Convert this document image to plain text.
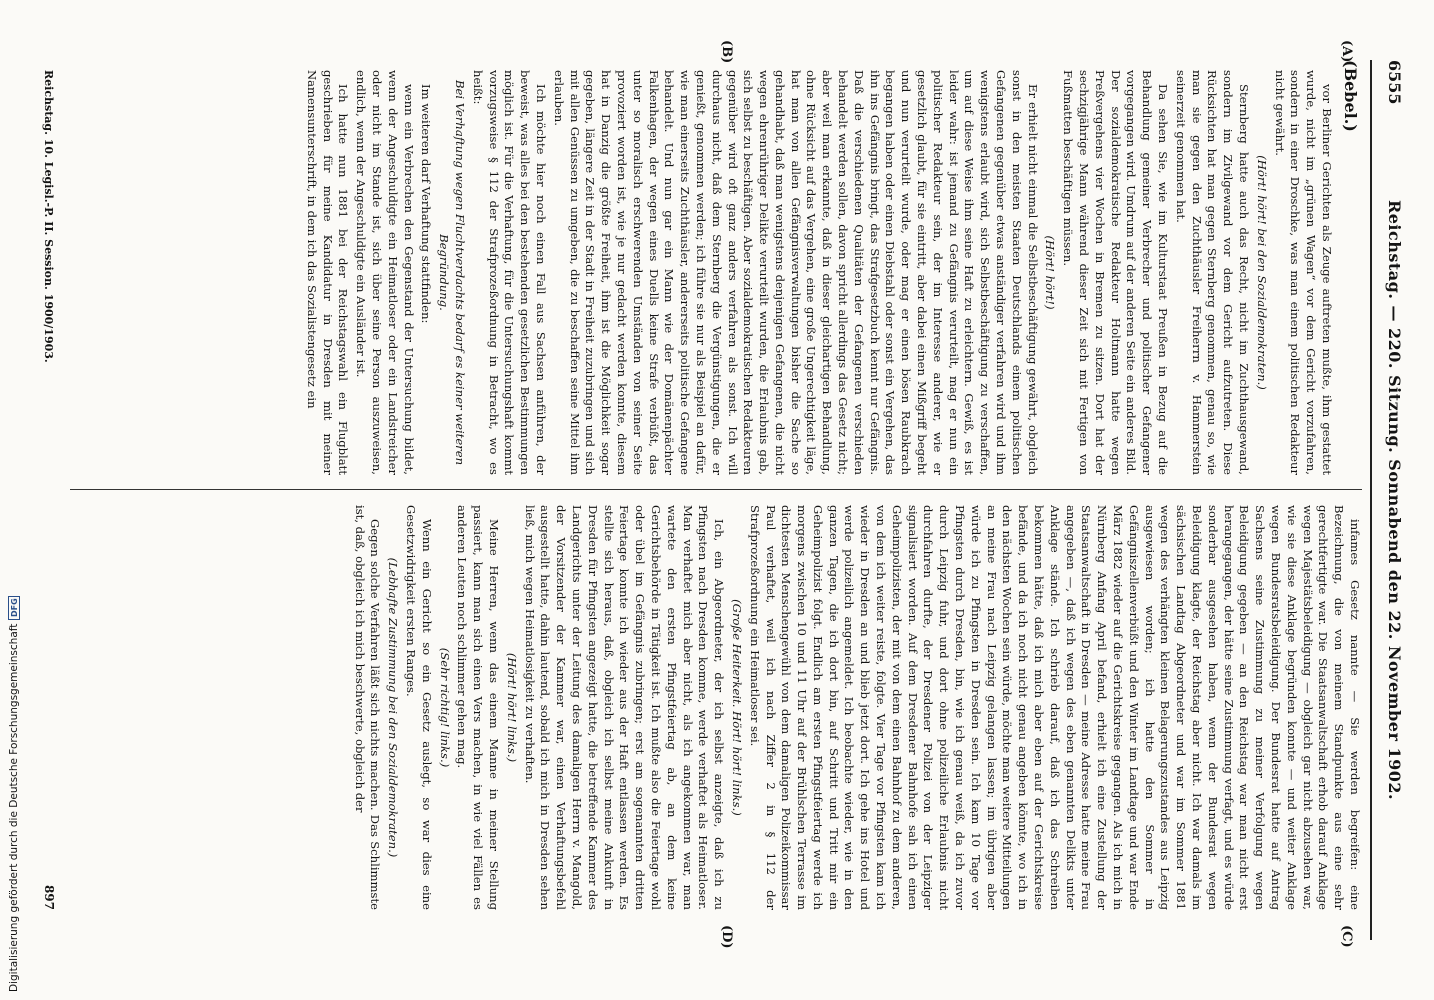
6555
Reichstag. — 220. Sitzung. Sonnabend den 22. November 1902.
(Bebel.)
(A)
(B)
(C)
(D)

vor Berliner Gerichten als Zeuge auftreten mußte, ihm gestattet wurde, nicht im „grünen Wagen“ vor dem Gericht vorzufahren, sondern in einer Droschke, was man einem politischen Redakteur nicht gewährt.

(Hört! hört! bei den Sozialdemokraten.)

Sternberg hatte auch das Recht, nicht im Zuchthausgewand, sondern im Zivilgewand vor dem Gericht aufzutreten. Diese Rücksichten hat man gegen Sternberg genommen, genau so, wie man sie gegen den Zuchthäusler Freiherrn v. Hammerstein seinerzeit genommen hat.

Da sehen Sie, wie im Kulturstaat Preußen in Bezug auf die Behandlung gemeiner Verbrecher und politischer Gefangener vorgegangen wird. Umdrum auf der anderen Seite ein anderes Bild. Der sozialdemokratische Redakteur Holtmann hatte wegen Preßvergehens vier Wochen in Bremen zu sitzen. Dort hat der sechzigjährige Mann während dieser Zeit sich mit Fertigen von Fußmatten beschäftigen müssen.

(Hört! hört!)

Er erhielt nicht einmal die Selbstbeschäftigung gewährt, obgleich sonst in den meisten Staaten Deutschlands einem politischen Gefangenen gegenüber etwas anständiger verfahren wird und ihm wenigstens erlaubt wird, sich Selbstbeschäftigung zu verschaffen, um auf diese Weise ihm seine Haft zu erleichtern. Gewiß, es ist leider wahr: ist jemand zu Gefängnis verurteilt, mag er nun ein politischer Redakteur sein, der im Interesse anderer, wie er gesetzlich glaubt, für sie eintritt, aber dabei einen Mißgriff begeht und nun verurteilt wurde, oder mag er einen bösen Raubkrach begangen haben oder einen Diebstahl oder sonst ein Vergehen, das ihn ins Gefängnis bringt, das Strafgesetzbuch kennt nur Gefängnis. Daß die verschiedenen Qualitäten der Gefangenen verschieden behandelt werden sollen, davon spricht allerdings das Gesetz nicht; aber weil man erkannte, daß in dieser gleichartigen Behandlung, ohne Rücksicht auf das Vergehen, eine große Ungerechtigkeit läge, hat man von allen Gefängnisverwaltungen bisher die Sache so gehandhabt, daß man wenigstens denjenigen Gefangenen, die nicht wegen ehrenrühriger Delikte verurteilt wurden, die Erlaubnis gab, sich selbst zu beschäftigen. Aber sozialdemokratischen Redakteuren gegenüber wird oft ganz anders verfahren als sonst. Ich will durchaus nicht, daß dem Sternberg die Vergünstigungen, die er genießt, genommen werden; ich führe sie nur als Beispiel an dafür, wie man einerseits Zuchthäusler, andererseits politische Gefangene behandelt. Und nun gar ein Mann wie der Domänenpächter Falkenhagen, der wegen eines Duells keine Strafe verbüßt, das unter so moralisch erschwerenden Umständen von seiner Seite provoziert worden ist, wie je nur gedacht werden konnte, diesem hat in Danzig die größte Freiheit, ihm ist die Möglichkeit sogar gegeben, längere Zeit in der Stadt in Freiheit zuzubringen und sich mit allen Genüssen zu umgeben, die zu beschaffen seine Mittel ihm erlauben.

Ich möchte hier noch einen Fall aus Sachsen anführen, der beweist, was alles bei den bestehenden gesetzlichen Bestimmungen möglich ist. Für die Verhaftung, für die Untersuchungshaft kommt vorzugsweise § 112 der Strafprozeßordnung in Betracht, wo es heißt:

Bei Verhaftung wegen Fluchtverdachts bedarf es keiner weiteren Begründung.

Im weiteren darf Verhaftung stattfinden:

wenn ein Verbrechen den Gegenstand der Untersuchung bildet, wenn der Angeschuldigte ein Heimatloser oder ein Landstreicher oder nicht im Stande ist, sich über seine Person auszuweisen, endlich, wenn der Angeschuldigte ein Ausländer ist.

Ich hatte nun 1881 bei der Reichstagswahl ein Flugblatt geschrieben für meine Kandidatur in Dresden mit meiner Namensunterschrift, in dem ich das Sozialistengesetz ein

infames Gesetz nannte — Sie werden begreifen: eine Bezeichnung, die von meinem Standpunkte aus eine sehr gerechtfertigte war. Die Staatsanwaltschaft erhob darauf Anklage wegen Majestätsbeleidigung — obgleich gar nicht abzusehen war, wie sie diese Anklage begründen konnte — und weiter Anklage wegen Bundesratsbeleidigung. Der Bundesrat hatte auf Antrag Sachsens seine Zustimmung zu meiner Verfolgung wegen Beleidigung gegeben — an den Reichstag war man nicht erst herangegangen, der hätte seine Zustimmung verfagt, und es würde sonderbar ausgesehen haben, wenn der Bundesrat wegen Beleidigung klagte, der Reichstag aber nicht. Ich war damals im sächsischen Landtag Abgeordneter und war im Sommer 1881 wegen des verhängten kleinen Belagerungszustandes aus Leipzig ausgewiesen worden; ich hatte den Sommer in Gefängniszellenverbüßt und den Winter im Landtage und war Ende März 1882 wieder auf die Gerichtskreise gegangen. Als ich mich in Nürnberg Anfang April befand, erhielt ich eine Zustellung der Staatsanwaltschaft in Dresden — meine Adresse hatte meine Frau angegeben —, daß ich wegen des eben genannten Delikts unter Anklage stände. Ich schrieb darauf, daß ich das Schreiben bekommen hätte, daß ich mich aber eben auf der Gerichtskreise befände, und da ich noch nicht genau angeben könnte, wo ich in den nächsten Wochen sein würde, möchte man weitere Mitteilungen an meine Frau nach Leipzig gelangen lassen; im übrigen aber würde ich zu Pfingsten in Dresden sein. Ich kam 10 Tage vor Pfingsten durch Dresden, bin, wie ich genau weiß, da ich zuvor durch Leipzig fuhr, und dort ohne polizeiliche Erlaubnis nicht durchfahren durfte, der Dresdener Polizei von der Leipziger signalisiert worden. Auf dem Dresdener Bahnhofe sah ich einen Geheimpolizisten, der mit von dem einen Bahnhof zu dem anderen, von dem ich weiter reiste, folgte. Vier Tage vor Pfingsten kam ich wieder in Dresden an und blieb jetzt dort. Ich gehe ins Hotel und werde polizeilich angemeldet. Ich beobachte wieder, wie in den ganzen Tagen, die ich dort bin, auf Schritt und Tritt mir ein Geheimpolizist folgt. Endlich am ersten Pfingstfeiertag werde ich morgens zwischen 10 und 11 Uhr auf der Brühlschen Terrasse im dichtesten Menschengewühl von dem damaligen Polizeikommissar Paul verhaftet, weil ich nach Ziffer 2 in § 112 der Strafprozeßordnung ein Heimatloser sei.

(Große Heiterkeit. Hört! hört! links.)

Ich, ein Abgeordneter, der ich selbst anzeigte, daß ich zu Pfingsten nach Dresden komme, werde verhaftet als Heimatloser. Man verhaftet mich aber nicht, als ich angekommen war, man wartete den ersten Pfingstfeiertag ab, an dem keine Gerichtsbehörde in Tätigkeit ist. Ich mußte also die Feiertage wohl oder übel im Gefängnis zubringen; erst am sogenannten dritten Feiertage konnte ich wieder aus der Haft entlassen werden. Es stellte sich heraus, daß, obgleich ich selbst meine Ankunft in Dresden für Pfingsten angezeigt hatte, die betreffende Kammer des Landgerichts unter der Leitung des damaligen Herrn v. Mangold, der Vorsitzender der Kammer war, einen Verhaftungsbefehl ausgestellt hatte, dahin lautend, sobald ich mich in Dresden sehen ließ, mich wegen Heimatlosigkeit zu verhaften.

(Hört! hört! links.)

Meine Herren, wenn das einem Manne in meiner Stellung passiert, kann man sich einen Vers machen, in wie viel Fällen es anderen Leuten noch schlimmer gehen mag.

(Sehr richtig! links.)

Wenn ein Gericht so ein Gesetz auslegt, so war dies eine Gesetzwidrigkeit ersten Ranges.

(Lebhafte Zustimmung bei den Sozialdemokraten.)

Gegen solche Verfahren läßt sich nichts machen. Das Schlimmste ist, daß, obgleich ich mich beschwerte, obgleich der

Reichstag. 10. Legisl.-P. II. Session. 1900/1903.
897
Digitalisierung gefördert durch die Deutsche Forschungsgemeinschaft
DFG
